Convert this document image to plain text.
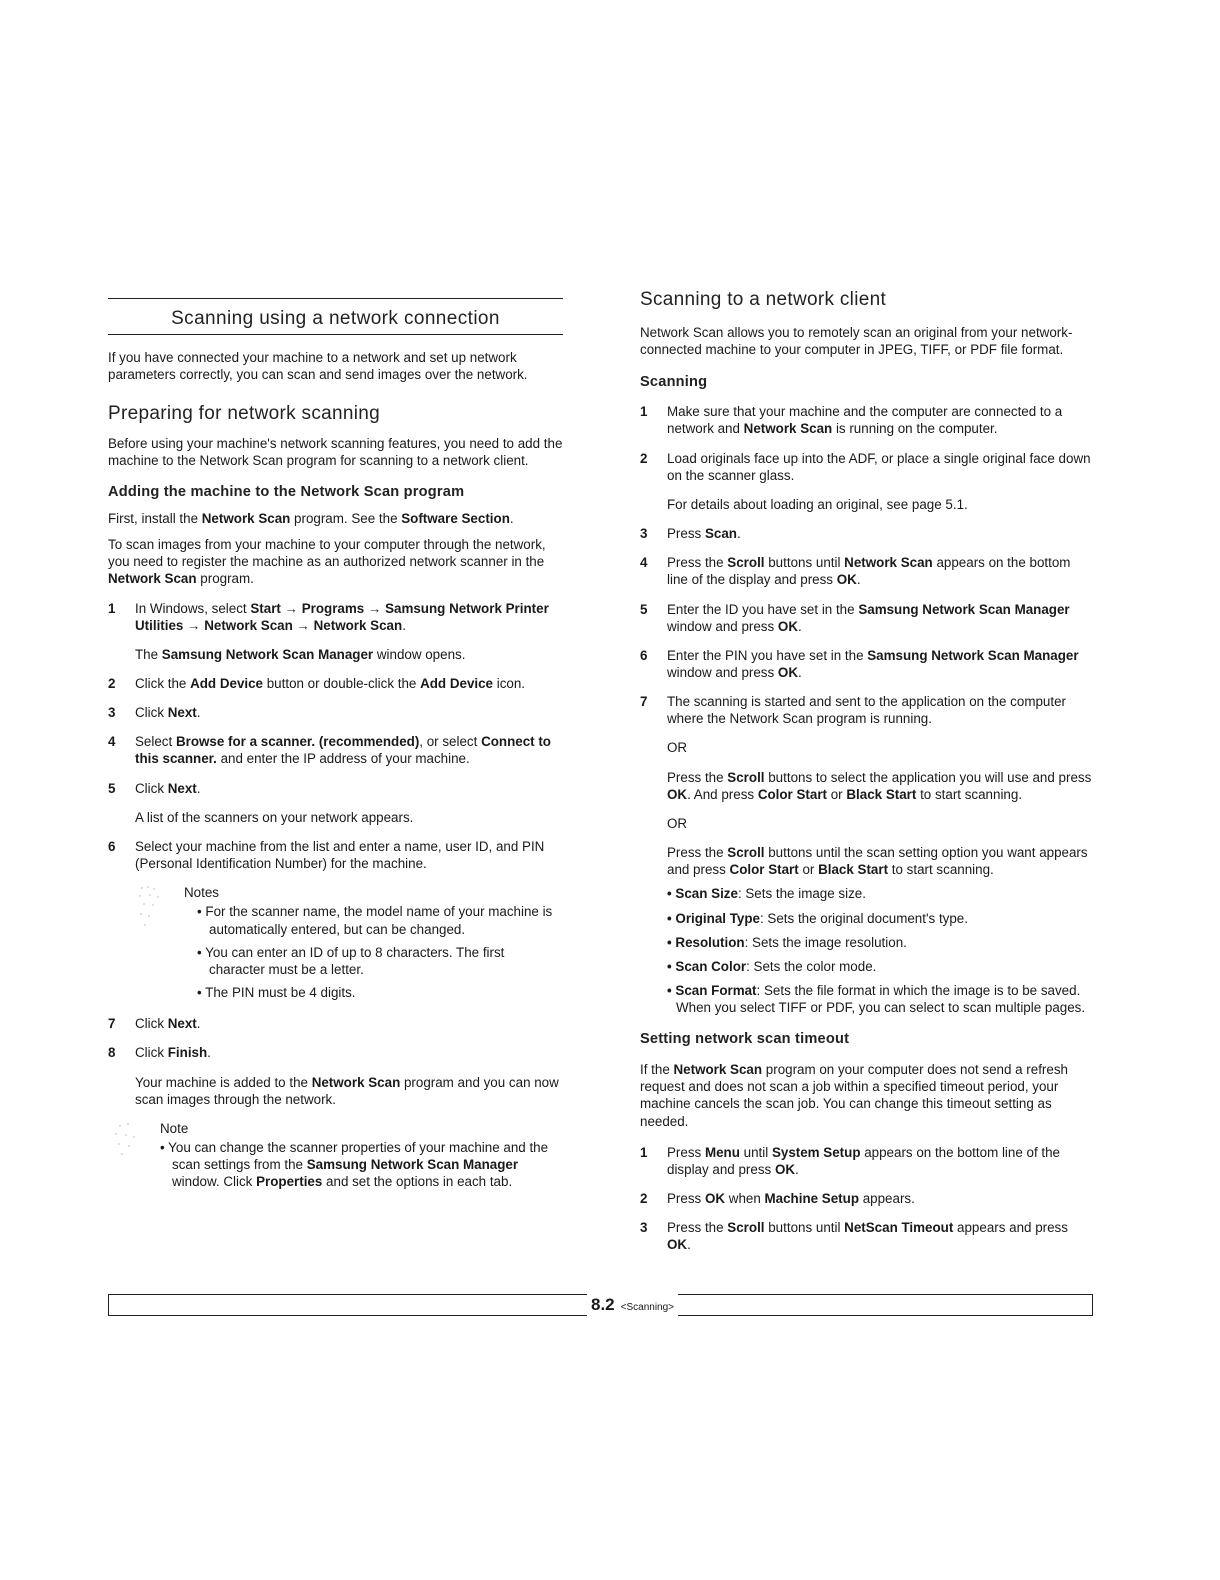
Scanning using a network connection

If you have connected your machine to a network and set up network parameters correctly, you can scan and send images over the network.

Preparing for network scanning

Before using your machine's network scanning features, you need to add the machine to the Network Scan program for scanning to a network client.

Adding the machine to the Network Scan program

First, install the Network Scan program. See the Software Section.

To scan images from your machine to your computer through the network, you need to register the machine as an authorized network scanner in the Network Scan program.

1	In Windows, select Start → Programs → Samsung Network Printer Utilities → Network Scan → Network Scan.
The Samsung Network Scan Manager window opens.
2	Click the Add Device button or double-click the Add Device icon.
3	Click Next.
4	Select Browse for a scanner. (recommended), or select Connect to this scanner. and enter the IP address of your machine.
5	Click Next.
A list of the scanners on your network appears.
6	Select your machine from the list and enter a name, user ID, and PIN (Personal Identification Number) for the machine.
Notes
• For the scanner name, the model name of your machine is automatically entered, but can be changed.
• You can enter an ID of up to 8 characters. The first character must be a letter.
• The PIN must be 4 digits.
7	Click Next.
8	Click Finish.
Your machine is added to the Network Scan program and you can now scan images through the network.
Note
• You can change the scanner properties of your machine and the scan settings from the Samsung Network Scan Manager window. Click Properties and set the options in each tab.
Scanning to a network client

Network Scan allows you to remotely scan an original from your network-connected machine to your computer in JPEG, TIFF, or PDF file format.

Scanning
1	Make sure that your machine and the computer are connected to a network and Network Scan is running on the computer.
2	Load originals face up into the ADF, or place a single original face down on the scanner glass.
For details about loading an original, see page 5.1.
3	Press Scan.
4	Press the Scroll buttons until Network Scan appears on the bottom line of the display and press OK.
5	Enter the ID you have set in the Samsung Network Scan Manager window and press OK.
6	Enter the PIN you have set in the Samsung Network Scan Manager window and press OK.
7	The scanning is started and sent to the application on the computer where the Network Scan program is running.
OR
Press the Scroll buttons to select the application you will use and press OK. And press Color Start or Black Start to start scanning.
OR
Press the Scroll buttons until the scan setting option you want appears and press Color Start or Black Start to start scanning.
• Scan Size: Sets the image size.
• Original Type: Sets the original document's type.
• Resolution: Sets the image resolution.
• Scan Color: Sets the color mode.
• Scan Format: Sets the file format in which the image is to be saved. When you select TIFF or PDF, you can select to scan multiple pages.
Setting network scan timeout

If the Network Scan program on your computer does not send a refresh request and does not scan a job within a specified timeout period, your machine cancels the scan job. You can change this timeout setting as needed.

1	Press Menu until System Setup appears on the bottom line of the display and press OK.
2	Press OK when Machine Setup appears.
3	Press the Scroll buttons until NetScan Timeout appears and press OK.
8.2 <Scanning>
